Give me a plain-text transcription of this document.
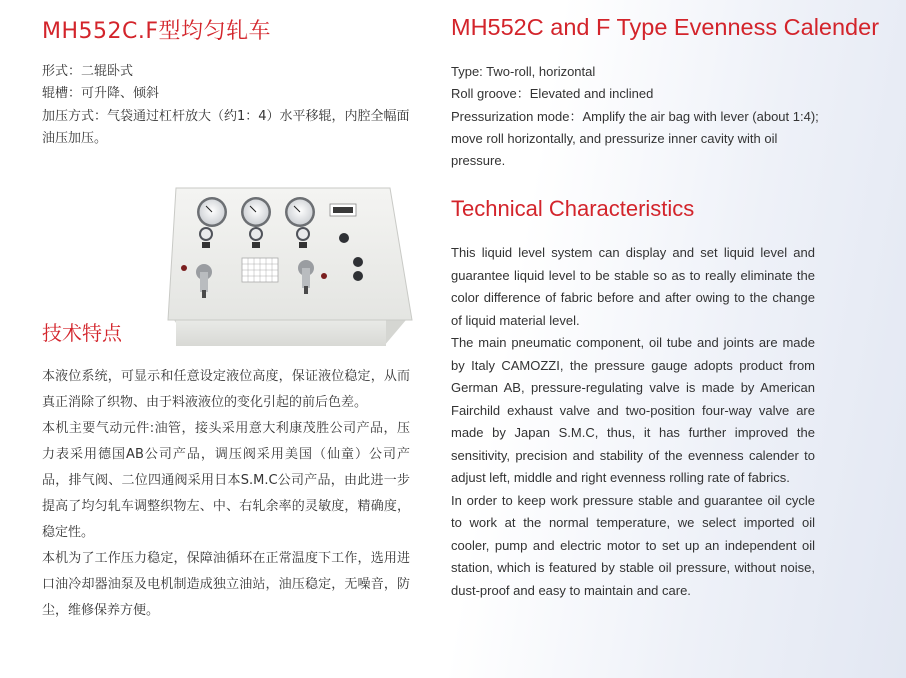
MH552C.F型均匀轧车	MH552C and F Type Evenness Calender

形式：二辊卧式

辊槽：可升降、倾斜

加压方式：气袋通过杠杆放大（约1：4）水平移辊，内腔全幅面油压加压。

Type: Two-roll, horizontal

Roll groove：Elevated and inclined

Pressurization mode：Amplify the air bag with lever (about 1:4); move roll horizontally, and pressurize inner cavity with oil pressure.

技术特点
Technical Characteristics

本液位系统，可显示和任意设定液位高度，保证液位稳定，从而真正消除了织物、由于料液液位的变化引起的前后色差。

本机主要气动元件:油管，接头采用意大利康茂胜公司产品，压力表采用德国AB公司产品，调压阀采用美国（仙童）公司产品，排气阀、二位四通阀采用日本S.M.C公司产品，由此进一步提高了均匀轧车调整织物左、中、右轧余率的灵敏度，精确度，稳定性。

本机为了工作压力稳定，保障油循环在正常温度下工作，选用进口油冷却器油泵及电机制造成独立油站，油压稳定，无噪音，防尘，维修保养方便。

This liquid level system can display and set liquid level and guarantee liquid level to be stable so as to really eliminate the color difference of fabric before and after owing to the change of liquid material level.

The main pneumatic component, oil tube and joints are made by Italy CAMOZZI, the pressure gauge adopts product from German AB, pressure-regulating valve is made by American Fairchild exhaust valve and two-position four-way valve are made by Japan S.M.C, thus, it has further improved the sensitivity, precision and stability of the evenness calender to adjust left, middle and right evenness rolling rate of fabrics.

In order to keep work pressure stable and guarantee oil cycle to work at the normal temperature, we select imported oil cooler, pump and electric motor to set up an independent oil station, which is featured by stable oil pressure, without noise, dust-proof and easy to maintain and care.
